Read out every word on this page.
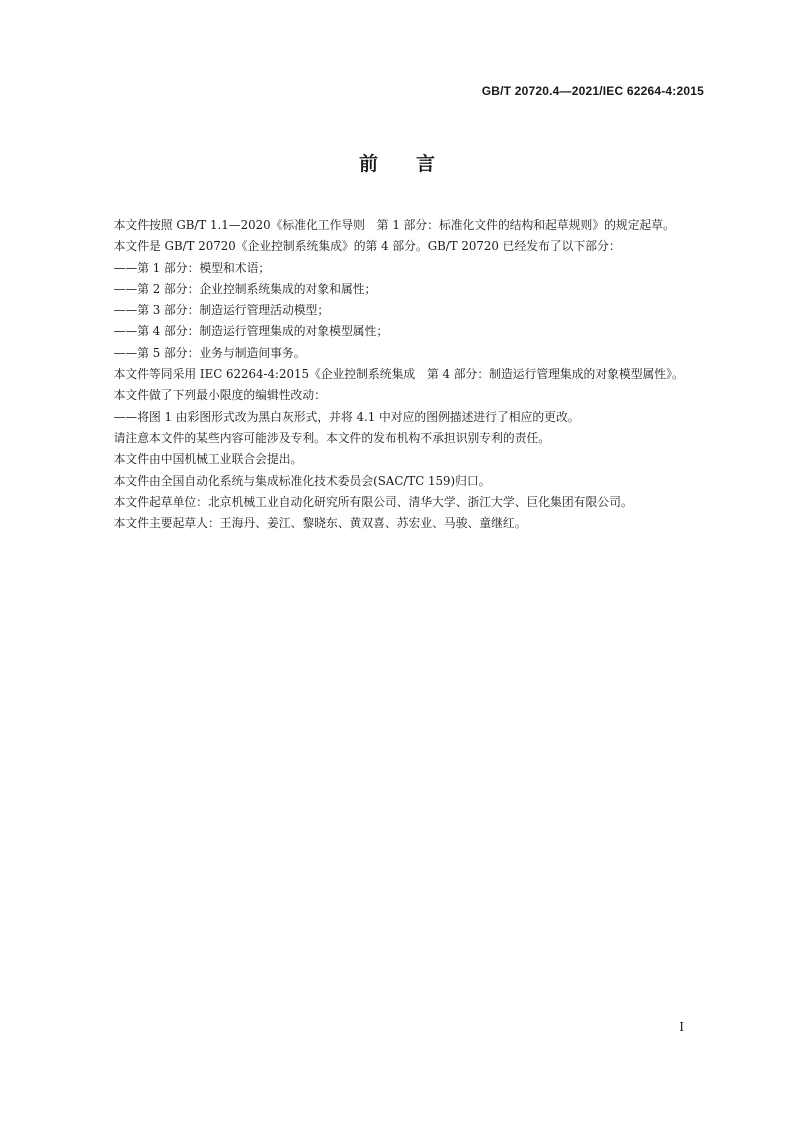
GB/T 20720.4—2021/IEC 62264-4:2015
前言

本文件按照 GB/T 1.1—2020《标准化工作导则　第 1 部分：标准化文件的结构和起草规则》的规定起草。

本文件是 GB/T 20720《企业控制系统集成》的第 4 部分。GB/T 20720 已经发布了以下部分：

——第 1 部分：模型和术语；

——第 2 部分：企业控制系统集成的对象和属性；

——第 3 部分：制造运行管理活动模型；

——第 4 部分：制造运行管理集成的对象模型属性；

——第 5 部分：业务与制造间事务。

本文件等同采用 IEC 62264-4:2015《企业控制系统集成　第 4 部分：制造运行管理集成的对象模型属性》。

本文件做了下列最小限度的编辑性改动：

——将图 1 由彩图形式改为黑白灰形式，并将 4.1 中对应的图例描述进行了相应的更改。

请注意本文件的某些内容可能涉及专利。本文件的发布机构不承担识别专利的责任。

本文件由中国机械工业联合会提出。

本文件由全国自动化系统与集成标准化技术委员会(SAC/TC 159)归口。

本文件起草单位：北京机械工业自动化研究所有限公司、清华大学、浙江大学、巨化集团有限公司。

本文件主要起草人：王海丹、姜江、黎晓东、黄双喜、苏宏业、马骏、童继红。

I
